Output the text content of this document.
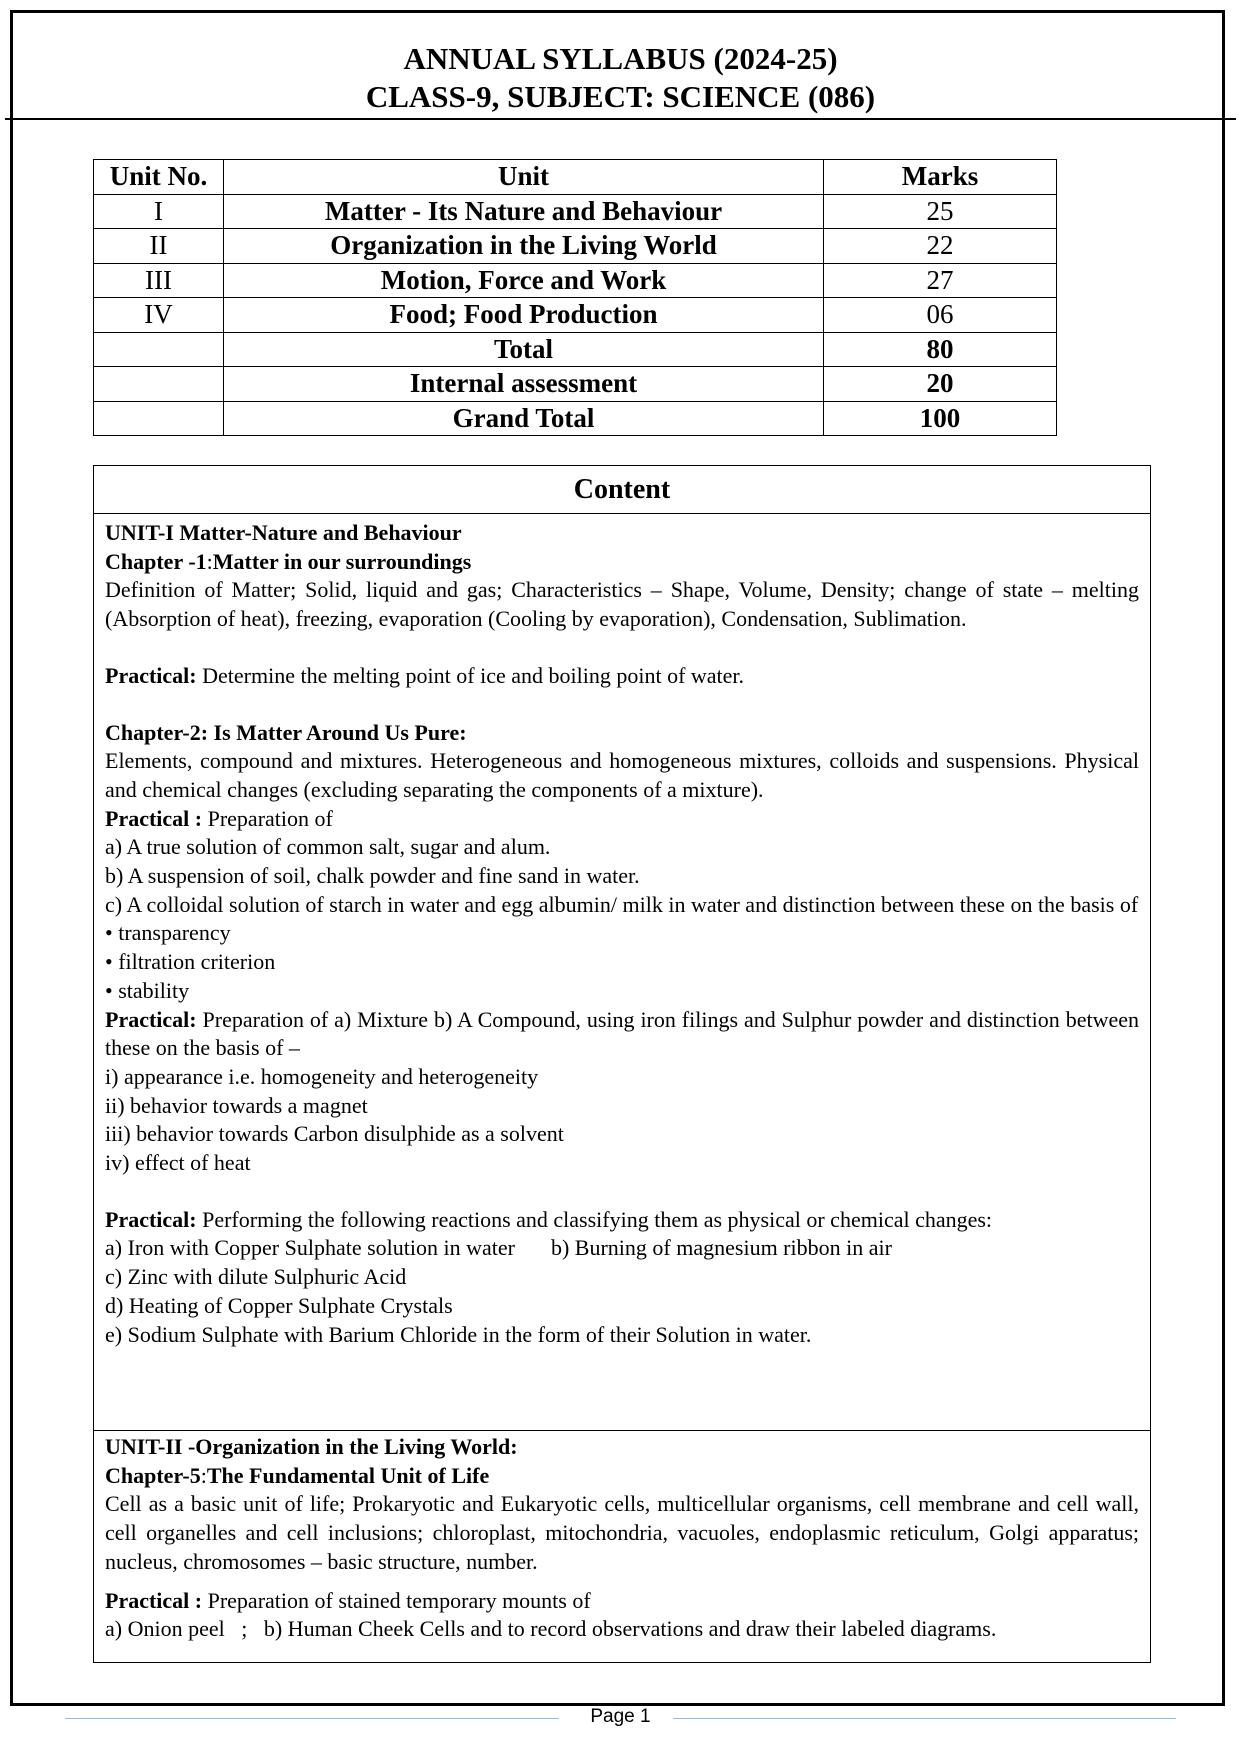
ANNUAL SYLLABUS (2024-25)
CLASS-9, SUBJECT: SCIENCE (086)
Unit No.	Unit	Marks
I	Matter - Its Nature and Behaviour	25
II	Organization in the Living World	22
III	Motion, Force and Work	27
IV	Food; Food Production	06
	Total	80
	Internal assessment	20
	Grand Total	100
Content

UNIT-I Matter-Nature and Behaviour

Chapter -1:Matter in our surroundings

Definition of Matter; Solid, liquid and gas; Characteristics – Shape, Volume, Density; change of state – melting (Absorption of heat), freezing, evaporation (Cooling by evaporation), Condensation, Sublimation.

Practical: Determine the melting point of ice and boiling point of water.

Chapter-2: Is Matter Around Us Pure:

Elements, compound and mixtures. Heterogeneous and homogeneous mixtures, colloids and suspensions. Physical and chemical changes (excluding separating the components of a mixture).

Practical : Preparation of

a) A true solution of common salt, sugar and alum.

b) A suspension of soil, chalk powder and fine sand in water.

c) A colloidal solution of starch in water and egg albumin/ milk in water and distinction between these on the basis of

• transparency

• filtration criterion

• stability

Practical: Preparation of a) Mixture b) A Compound, using iron filings and Sulphur powder and distinction between these on the basis of –

i) appearance i.e. homogeneity and heterogeneity

ii) behavior towards a magnet

iii) behavior towards Carbon disulphide as a solvent

iv) effect of heat

Practical: Performing the following reactions and classifying them as physical or chemical changes:

a) Iron with Copper Sulphate solution in water b) Burning of magnesium ribbon in air

c) Zinc with dilute Sulphuric Acid

d) Heating of Copper Sulphate Crystals

e) Sodium Sulphate with Barium Chloride in the form of their Solution in water.

UNIT-II -Organization in the Living World:

Chapter-5:The Fundamental Unit of Life

Cell as a basic unit of life; Prokaryotic and Eukaryotic cells, multicellular organisms, cell membrane and cell wall, cell organelles and cell inclusions; chloroplast, mitochondria, vacuoles, endoplasmic reticulum, Golgi apparatus; nucleus, chromosomes – basic structure, number.

Practical : Preparation of stained temporary mounts of

a) Onion peel ; b) Human Cheek Cells and to record observations and draw their labeled diagrams.

Page 1
